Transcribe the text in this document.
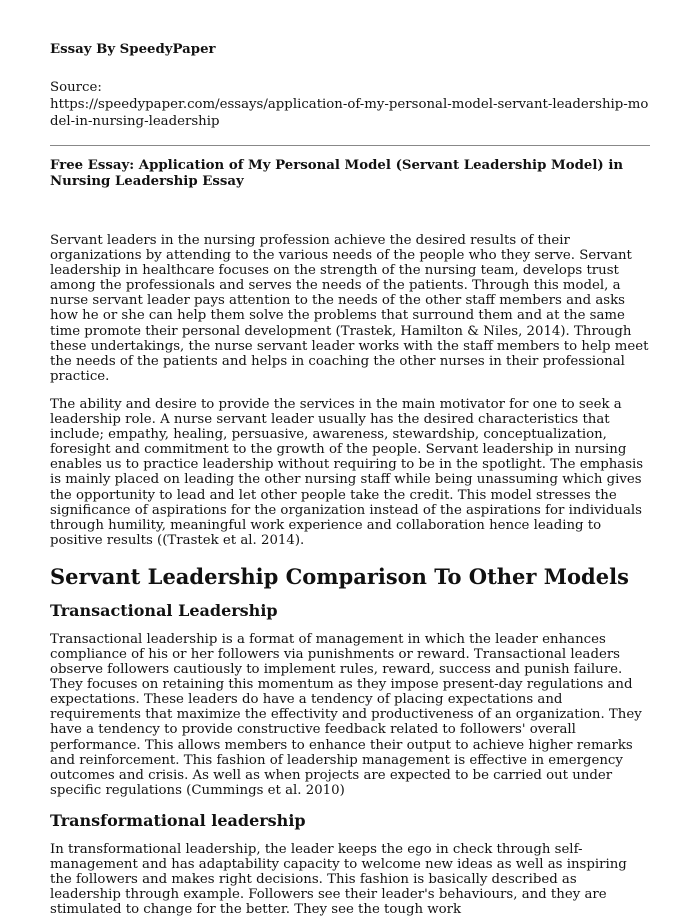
Essay By SpeedyPaper

Source:

https://speedypaper.com/essays/application-of-my-personal-model-servant-leadership-model-in-nursing-leadership

Free Essay: Application of My Personal Model (Servant Leadership Model) in Nursing Leadership Essay

Servant leaders in the nursing profession achieve the desired results of their organizations by attending to the various needs of the people who they serve. Servant leadership in healthcare focuses on the strength of the nursing team, develops trust among the professionals and serves the needs of the patients. Through this model, a nurse servant leader pays attention to the needs of the other staff members and asks how he or she can help them solve the problems that surround them and at the same time promote their personal development (Trastek, Hamilton & Niles, 2014). Through these undertakings, the nurse servant leader works with the staff members to help meet the needs of the patients and helps in coaching the other nurses in their professional practice.

The ability and desire to provide the services in the main motivator for one to seek a leadership role. A nurse servant leader usually has the desired characteristics that include; empathy, healing, persuasive, awareness, stewardship, conceptualization, foresight and commitment to the growth of the people. Servant leadership in nursing enables us to practice leadership without requiring to be in the spotlight. The emphasis is mainly placed on leading the other nursing staff while being unassuming which gives the opportunity to lead and let other people take the credit. This model stresses the significance of aspirations for the organization instead of the aspirations for individuals through humility, meaningful work experience and collaboration hence leading to positive results ((Trastek et al. 2014).

Servant Leadership Comparison To Other Models
Transactional Leadership

Transactional leadership is a format of management in which the leader enhances compliance of his or her followers via punishments or reward. Transactional leaders observe followers cautiously to implement rules, reward, success and punish failure. They focuses on retaining this momentum as they impose present-day regulations and expectations. These leaders do have a tendency of placing expectations and requirements that maximize the effectivity and productiveness of an organization. They have a tendency to provide constructive feedback related to followers' overall performance. This allows members to enhance their output to achieve higher remarks and reinforcement. This fashion of leadership management is effective in emergency outcomes and crisis. As well as when projects are expected to be carried out under specific regulations (Cummings et al. 2010)

Transformational leadership

In transformational leadership, the leader keeps the ego in check through self-management and has adaptability capacity to welcome new ideas as well as inspiring the followers and makes right decisions. This fashion is basically described as leadership through example. Followers see their leader's behaviours, and they are stimulated to change for the better. They see the tough work
